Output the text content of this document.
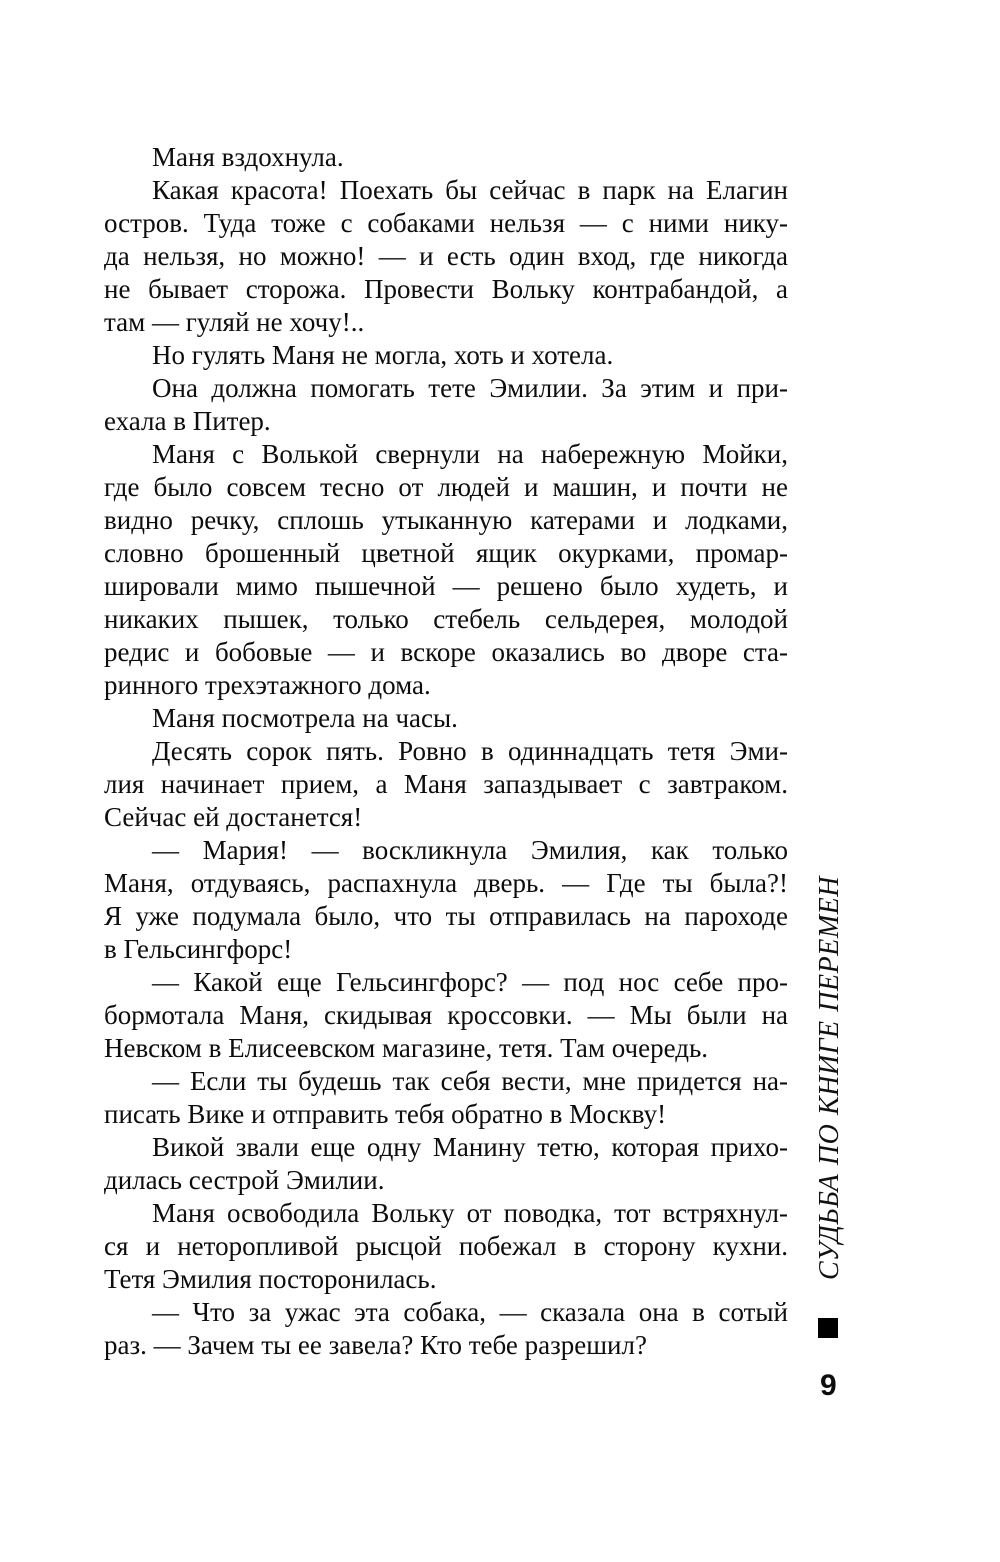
Маня вздохнула.
Какая красота! Поехать бы сейчас в парк на Елагин
остров. Туда тоже с собаками нельзя — с ними нику-
да нельзя, но можно! — и есть один вход, где никогда
не бывает сторожа. Провести Вольку контрабандой, а
там — гуляй не хочу!..
Но гулять Маня не могла, хоть и хотела.
Она должна помогать тете Эмилии. За этим и при-
ехала в Питер.
Маня с Волькой свернули на набережную Мойки,
где было совсем тесно от людей и машин, и почти не
видно речку, сплошь утыканную катерами и лодками,
словно брошенный цветной ящик окурками, промар-
шировали мимо пышечной — решено было худеть, и
никаких пышек, только стебель сельдерея, молодой
редис и бобовые — и вскоре оказались во дворе ста-
ринного трехэтажного дома.
Маня посмотрела на часы.
Десять сорок пять. Ровно в одиннадцать тетя Эми-
лия начинает прием, а Маня запаздывает с завтраком.
Сейчас ей достанется!
— Мария! — воскликнула Эмилия, как только
Маня, отдуваясь, распахнула дверь. — Где ты была?!
Я уже подумала было, что ты отправилась на пароходе
в Гельсингфорс!
— Какой еще Гельсингфорс? — под нос себе про-
бормотала Маня, скидывая кроссовки. — Мы были на
Невском в Елисеевском магазине, тетя. Там очередь.
— Если ты будешь так себя вести, мне придется на-
писать Вике и отправить тебя обратно в Москву!
Викой звали еще одну Манину тетю, которая прихо-
дилась сестрой Эмилии.
Маня освободила Вольку от поводка, тот встряхнул-
ся и неторопливой рысцой побежал в сторону кухни.
Тетя Эмилия посторонилась.
— Что за ужас эта собака, — сказала она в сотый
раз. — Зачем ты ее завела? Кто тебе разрешил?
СУДЬБА ПО КНИГЕ ПЕРЕМЕН
9
